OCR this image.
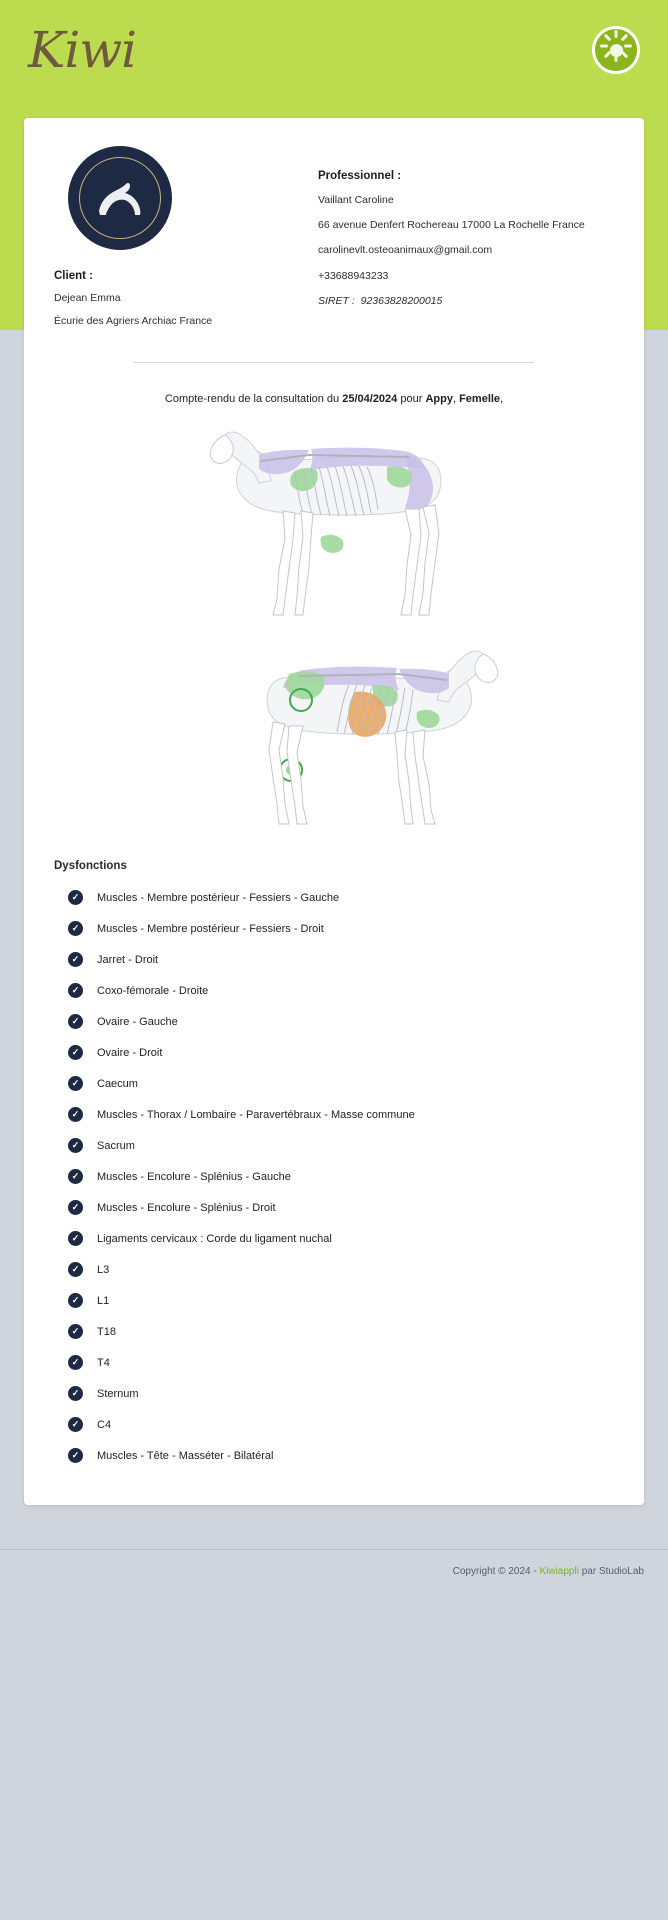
Kiwi
Client :
Dejean Emma
Écurie des Agriers Archiac France
Professionnel :
Vaillant Caroline
66 avenue Denfert Rochereau 17000 La Rochelle France
carolinevlt.osteoanimaux@gmail.com
+33688943233
SIRET : 92363828200015
Compte-rendu de la consultation du 25/04/2024 pour Appy, Femelle,
Dysfonctions
✓	Muscles - Membre postérieur - Fessiers - Gauche
✓	Muscles - Membre postérieur - Fessiers - Droit
✓	Jarret - Droit
✓	Coxo-fémorale - Droite
✓	Ovaire - Gauche
✓	Ovaire - Droit
✓	Caecum
✓	Muscles - Thorax / Lombaire - Paravertébraux - Masse commune
✓	Sacrum
✓	Muscles - Encolure - Splénius - Gauche
✓	Muscles - Encolure - Splénius - Droit
✓	Ligaments cervicaux : Corde du ligament nuchal
✓	L3
✓	L1
✓	T18
✓	T4
✓	Sternum
✓	C4
✓	Muscles - Tête - Masséter - Bilatéral
Copyright © 2024 - Kiwiappli par StudioLab
